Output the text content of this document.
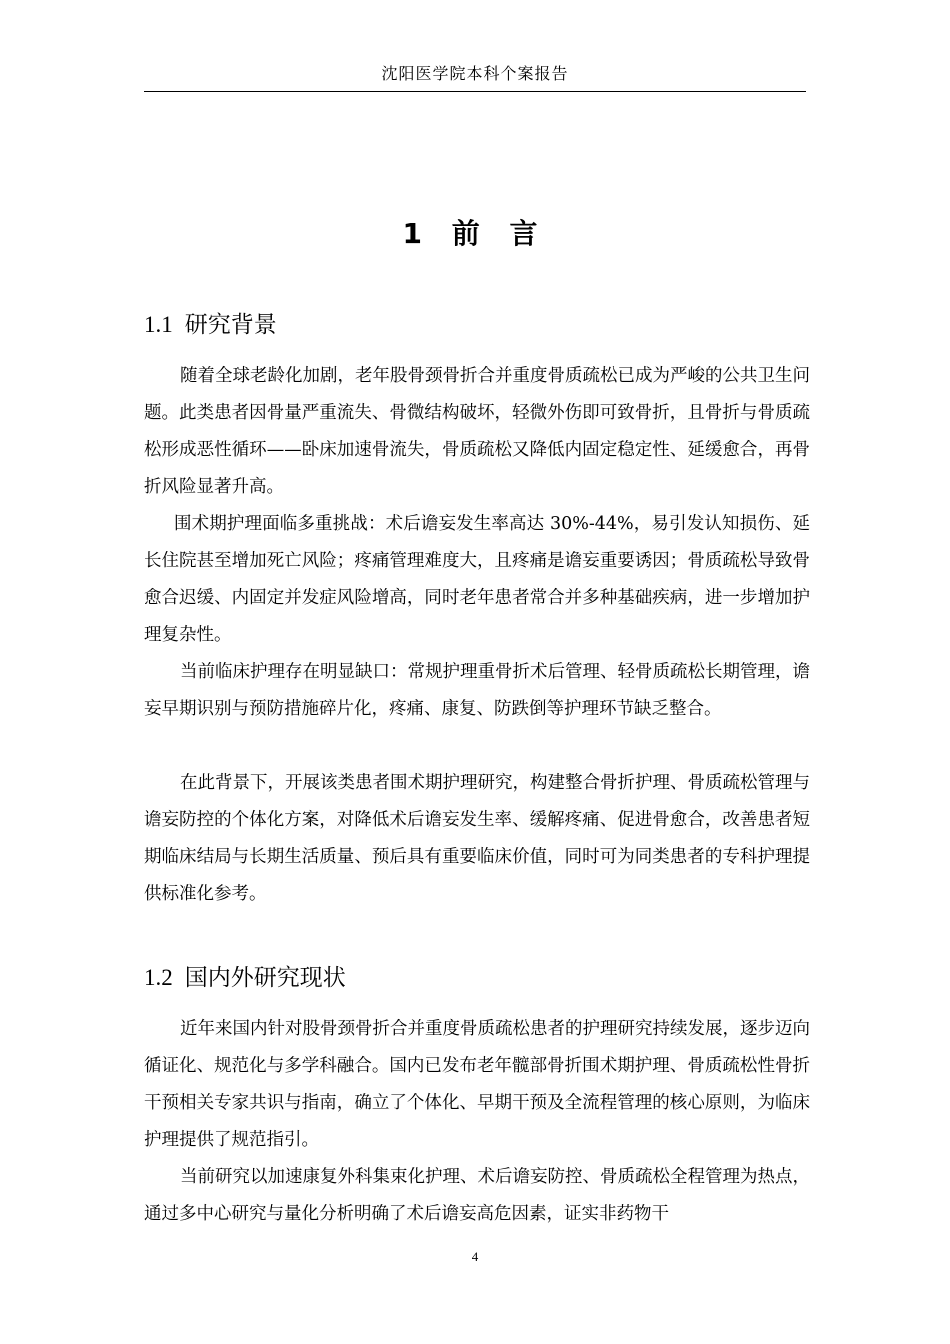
沈阳医学院本科个案报告
1 前 言
1.1 研究背景

随着全球老龄化加剧，老年股骨颈骨折合并重度骨质疏松已成为严峻的公共卫生问题。此类患者因骨量严重流失、骨微结构破坏，轻微外伤即可致骨折，且骨折与骨质疏松形成恶性循环——卧床加速骨流失，骨质疏松又降低内固定稳定性、延缓愈合，再骨折风险显著升高。

围术期护理面临多重挑战：术后谵妄发生率高达 30%-44%，易引发认知损伤、延长住院甚至增加死亡风险；疼痛管理难度大，且疼痛是谵妄重要诱因；骨质疏松导致骨愈合迟缓、内固定并发症风险增高，同时老年患者常合并多种基础疾病，进一步增加护理复杂性。

当前临床护理存在明显缺口：常规护理重骨折术后管理、轻骨质疏松长期管理，谵妄早期识别与预防措施碎片化，疼痛、康复、防跌倒等护理环节缺乏整合。

在此背景下，开展该类患者围术期护理研究，构建整合骨折护理、骨质疏松管理与谵妄防控的个体化方案，对降低术后谵妄发生率、缓解疼痛、促进骨愈合，改善患者短期临床结局与长期生活质量、预后具有重要临床价值，同时可为同类患者的专科护理提供标准化参考。

1.2 国内外研究现状

近年来国内针对股骨颈骨折合并重度骨质疏松患者的护理研究持续发展，逐步迈向循证化、规范化与多学科融合。国内已发布老年髋部骨折围术期护理、骨质疏松性骨折干预相关专家共识与指南，确立了个体化、早期干预及全流程管理的核心原则，为临床护理提供了规范指引。

当前研究以加速康复外科集束化护理、术后谵妄防控、骨质疏松全程管理为热点，通过多中心研究与量化分析明确了术后谵妄高危因素，证实非药物干

4
